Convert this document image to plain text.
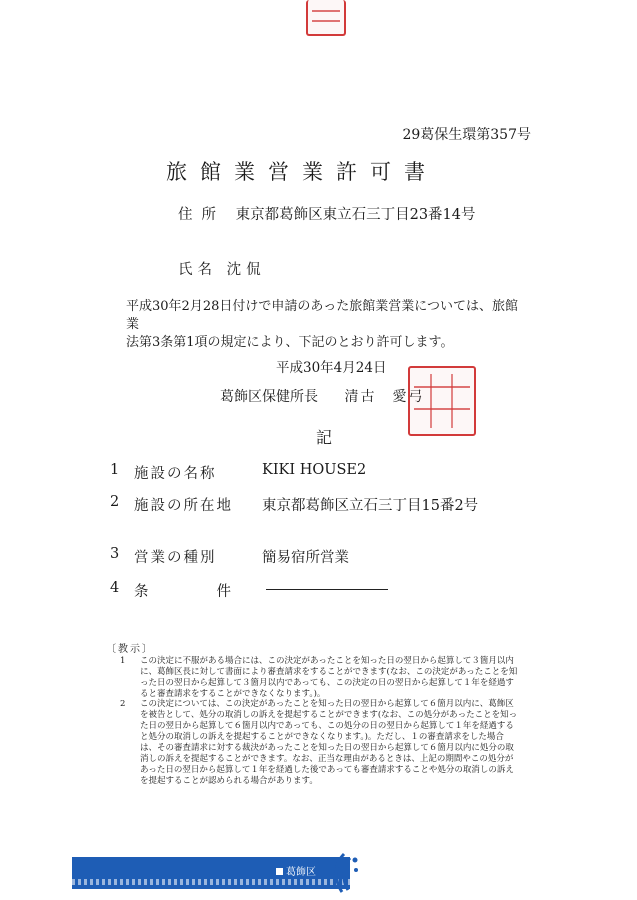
29葛保生環第357号
旅館業営業許可書
住所 東京都葛飾区東立石三丁目23番14号
氏名 沈侃
平成30年2月28日付けで申請のあった旅館業営業については、旅館業
法第3条第1項の規定により、下記のとおり許可します。
平成30年4月24日
葛飾区保健所長 清古　愛弓
記
1	施設の名称	KIKI HOUSE2
2	施設の所在地	東京都葛飾区立石三丁目15番2号
3	営業の種別	簡易宿所営業
4	条　　　　件
〔教示〕
1	この決定に不服がある場合には、この決定があったことを知った日の翌日から起算して３箇月以内に、葛飾区長に対して書面により審査請求をすることができます(なお、この決定があったことを知った日の翌日から起算して３箇月以内であっても、この決定の日の翌日から起算して１年を経過すると審査請求をすることができなくなります。)。
2	この決定については、この決定があったことを知った日の翌日から起算して６箇月以内に、葛飾区を被告として、処分の取消しの訴えを提起することができます(なお、この処分があったことを知った日の翌日から起算して６箇月以内であっても、この処分の日の翌日から起算して１年を経過すると処分の取消しの訴えを提起することができなくなります。)。ただし、１の審査請求をした場合は、その審査請求に対する裁決があったことを知った日の翌日から起算して６箇月以内に処分の取消しの訴えを提起することができます。なお、正当な理由があるときは、上記の期間やこの処分があった日の翌日から起算して１年を経過した後であっても審査請求することや処分の取消しの訴えを提起することが認められる場合があります。
葛飾区
